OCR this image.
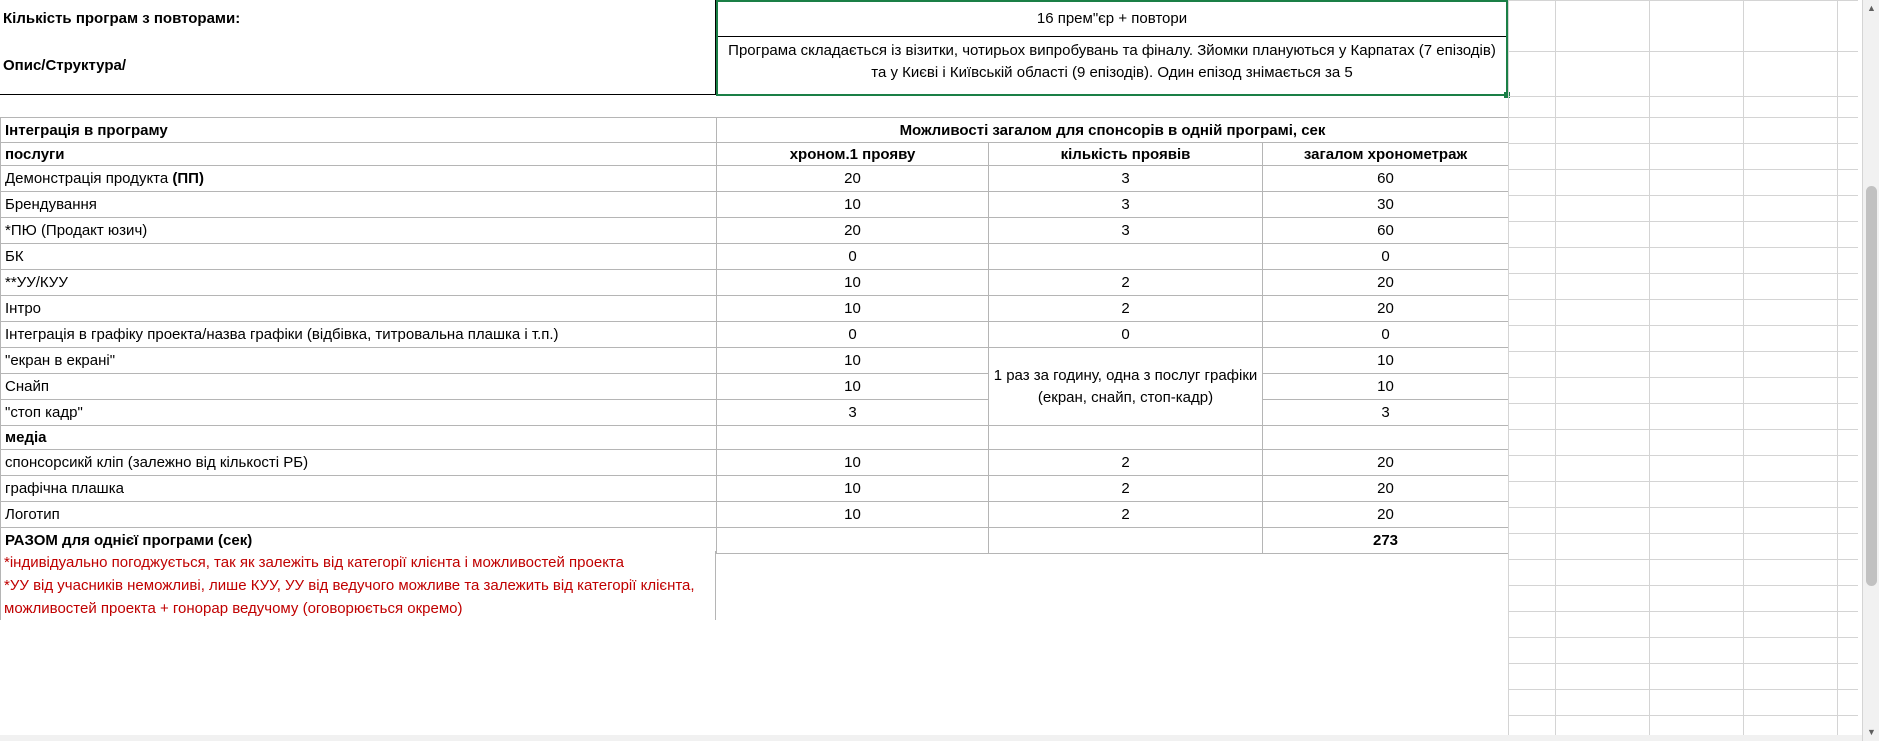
Кількість програм з повторами:	16 прем"єр + повтори
Опис/Структура/
Програма складається із візитки, чотирьох випробувань та фіналу. Зйомки плануються у Карпатах (7 епізодів) та у Києві і Київській області (9 епізодів). Один епізод знімається за 5
Інтеграція в програму	Можливості загалом для спонсорів в одній програмі, сек		
послуги	хроном.1 прояву	кількість проявів	загалом хронометраж
Демонстрація продукта (ПП)	20	3	60
Брендування	10	3	30
*ПЮ (Продакт юзич)	20	3	60
БК	0		0
**УУ/КУУ	10	2	20
Інтро	10	2	20
Інтеграція в графіку проекта/назва графіки (відбівка, титровальна плашка і т.п.)	0	0	0
"екран в екрані"	10	1 раз за годину, одна з послуг графіки (екран, снайп, стоп-кадр)	10
Снайп	10		10
"стоп кадр"	3		3
медіа			
спонсорсикй кліп (залежно від кількості РБ)	10	2	20
графічна плашка	10	2	20
Логотип	10	2	20
РАЗОМ для однієї програми (сек)			273
*індивідуально погоджується, так як залежіть від категорії клієнта і можливостей проекта
*УУ від учасників неможливі, лише КУУ, УУ від ведучого можливе та залежить від категорії клієнта, можливостей проекта + гонорар ведучому (оговорюється окремо)
▲
▼
